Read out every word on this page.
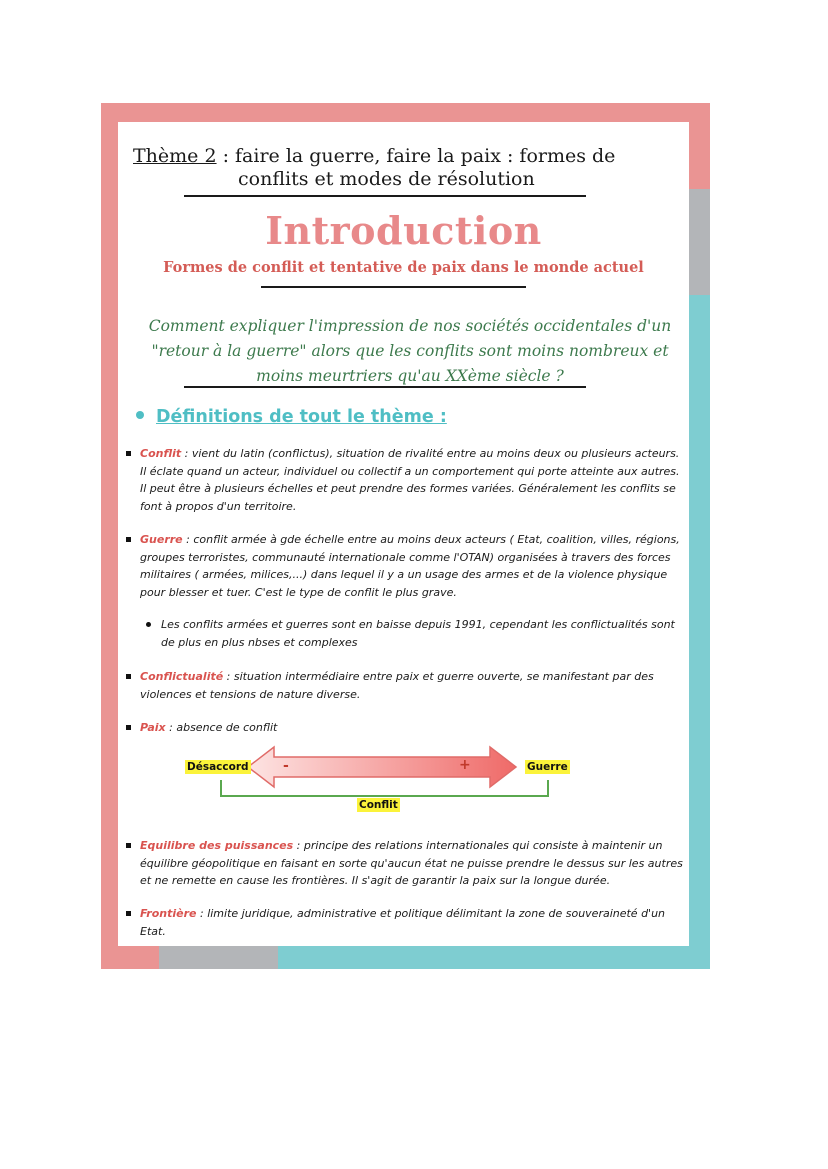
Thème 2 : faire la guerre, faire la paix : formes de
conflits et modes de résolution
Introduction
Formes de conflit et tentative de paix dans le monde actuel
Comment expliquer l'impression de nos sociétés occidentales d'un "retour à la guerre" alors que les conflits sont moins nombreux et moins meurtriers qu'au XXème siècle ?
Définitions de tout le thème :
Conflit : vient du latin (conflictus), situation de rivalité entre au moins deux ou plusieurs acteurs. Il éclate quand un acteur, individuel ou collectif a un comportement qui porte atteinte aux autres. Il peut être à plusieurs échelles et peut prendre des formes variées. Généralement les conflits se font à propos d'un territoire.
Guerre : conflit armée à gde échelle entre au moins deux acteurs ( Etat, coalition, villes, régions, groupes terroristes, communauté internationale comme l'OTAN) organisées à travers des forces militaires ( armées, milices,...) dans lequel il y a un usage des armes et de la violence physique pour blesser et tuer. C'est le type de conflit le plus grave.
Les conflits armées et guerres sont en baisse depuis 1991, cependant les conflictualités sont de plus en plus nbses et complexes
Conflictualité : situation intermédiaire entre paix et guerre ouverte, se manifestant par des violences et tensions de nature diverse.
Paix : absence de conflit
Désaccord	Guerre
Conflit
-	+
Equilibre des puissances : principe des relations internationales qui consiste à maintenir un équilibre géopolitique en faisant en sorte qu'aucun état ne puisse prendre le dessus sur les autres et ne remette en cause les frontières. Il s'agit de garantir la paix sur la longue durée.
Frontière : limite juridique, administrative et politique délimitant la zone de souveraineté d'un Etat.
